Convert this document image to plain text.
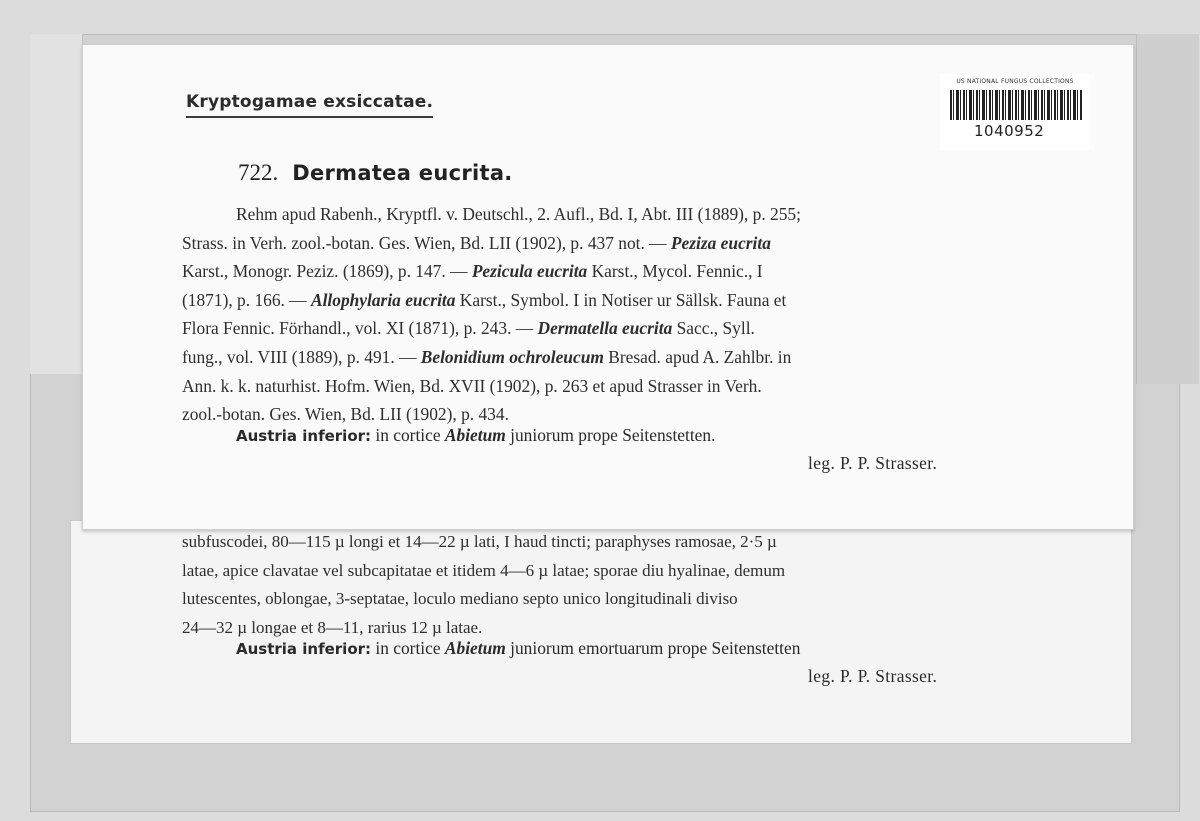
subfuscodei, 80—115 µ longi et 14—22 µ lati, I haud tincti; paraphyses ramosae, 2·5 µ
latae, apice clavatae vel subcapitatae et itidem 4—6 µ latae; sporae diu hyalinae, demum
lutescentes, oblongae, 3-septatae, loculo mediano septo unico longitudinali diviso
24—32 µ longae et 8—11, rarius 12 µ latae.
Austria inferior: in cortice Abietum juniorum emortuarum prope Seitenstetten
leg. P. P. Strasser.
Kryptogamae exsiccatae.
US NATIONAL FUNGUS COLLECTIONS
1040952
722. Dermatea eucrita.
Rehm apud Rabenh., Kryptfl. v. Deutschl., 2. Aufl., Bd. I, Abt. III (1889), p. 255;
Strass. in Verh. zool.-botan. Ges. Wien, Bd. LII (1902), p. 437 not. — Peziza eucrita
Karst., Monogr. Peziz. (1869), p. 147. — Pezicula eucrita Karst., Mycol. Fennic., I
(1871), p. 166. — Allophylaria eucrita Karst., Symbol. I in Notiser ur Sällsk. Fauna et
Flora Fennic. Förhandl., vol. XI (1871), p. 243. — Dermatella eucrita Sacc., Syll.
fung., vol. VIII (1889), p. 491. — Belonidium ochroleucum Bresad. apud A. Zahlbr. in
Ann. k. k. naturhist. Hofm. Wien, Bd. XVII (1902), p. 263 et apud Strasser in Verh.
zool.-botan. Ges. Wien, Bd. LII (1902), p. 434.
Austria inferior: in cortice Abietum juniorum prope Seitenstetten.
leg. P. P. Strasser.
